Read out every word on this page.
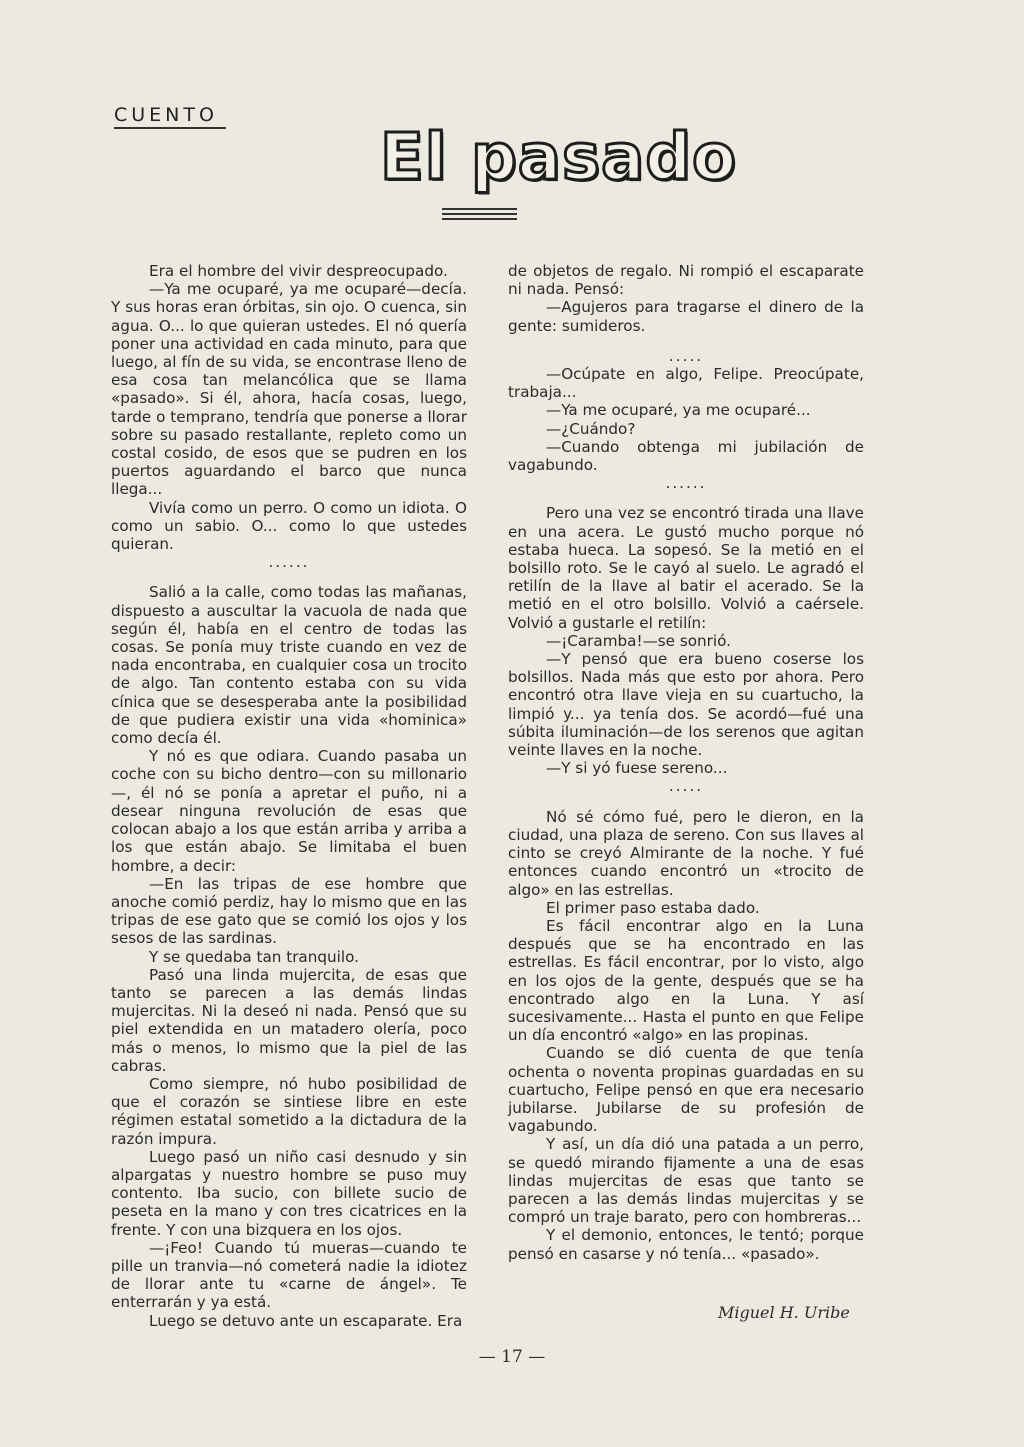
CUENTO
El pasado

Era el hombre del vivir despreocupado.

—Ya me ocuparé, ya me ocuparé—decía. Y sus horas eran órbitas, sin ojo. O cuenca, sin agua. O... lo que quieran ustedes. El nó quería poner una actividad en cada minuto, para que luego, al fín de su vida, se encontrase lleno de esa cosa tan melancólica que se llama «pasado». Si él, ahora, hacía cosas, luego, tarde o temprano, tendría que ponerse a llorar sobre su pasado restallante, repleto como un costal cosido, de esos que se pudren en los puertos aguardando el barco que nunca llega...

Vivía como un perro. O como un idiota. O como un sabio. O... como lo que ustedes quieran.

......

Salió a la calle, como todas las mañanas, dispuesto a auscultar la vacuola de nada que según él, había en el centro de todas las cosas. Se ponía muy triste cuando en vez de nada encontraba, en cualquier cosa un trocito de algo. Tan contento estaba con su vida cínica que se desesperaba ante la posibilidad de que pudiera existir una vida «hominica» como decía él.

Y nó es que odiara. Cuando pasaba un coche con su bicho dentro—con su millonario—, él nó se ponía a apretar el puño, ni a desear ninguna revolución de esas que colocan abajo a los que están arriba y arriba a los que están abajo. Se limitaba el buen hombre, a decir:

—En las tripas de ese hombre que anoche comió perdiz, hay lo mismo que en las tripas de ese gato que se comió los ojos y los sesos de las sardinas.

Y se quedaba tan tranquilo.

Pasó una linda mujercita, de esas que tanto se parecen a las demás lindas mujercitas. Ni la deseó ni nada. Pensó que su piel extendida en un matadero olería, poco más o menos, lo mismo que la piel de las cabras.

Como siempre, nó hubo posibilidad de que el corazón se sintiese libre en este régimen estatal sometido a la dictadura de la razón impura.

Luego pasó un niño casi desnudo y sin alpargatas y nuestro hombre se puso muy contento. Iba sucio, con billete sucio de peseta en la mano y con tres cicatrices en la frente. Y con una bizquera en los ojos.

—¡Feo! Cuando tú mueras—cuando te pille un tranvia—nó cometerá nadie la idiotez de llorar ante tu «carne de ángel». Te enterrarán y ya está.

Luego se detuvo ante un escaparate. Era

de objetos de regalo. Ni rompió el escaparate ni nada. Pensó:

—Agujeros para tragarse el dinero de la gente: sumideros.

.....

—Ocúpate en algo, Felipe. Preocúpate, trabaja...

—Ya me ocuparé, ya me ocuparé...

—¿Cuándo?

—Cuando obtenga mi jubilación de vagabundo.

......

Pero una vez se encontró tirada una llave en una acera. Le gustó mucho porque nó estaba hueca. La sopesó. Se la metió en el bolsillo roto. Se le cayó al suelo. Le agradó el retilín de la llave al batir el acerado. Se la metió en el otro bolsillo. Volvió a caérsele. Volvió a gustarle el retilín:

—¡Caramba!—se sonrió.

—Y pensó que era bueno coserse los bolsillos. Nada más que esto por ahora. Pero encontró otra llave vieja en su cuartucho, la limpió y... ya tenía dos. Se acordó—fué una súbita iluminación—de los serenos que agitan veinte llaves en la noche.

—Y si yó fuese sereno...

.....

Nó sé cómo fué, pero le dieron, en la ciudad, una plaza de sereno. Con sus llaves al cinto se creyó Almirante de la noche. Y fué entonces cuando encontró un «trocito de algo» en las estrellas.

El primer paso estaba dado.

Es fácil encontrar algo en la Luna después que se ha encontrado en las estrellas. Es fácil encontrar, por lo visto, algo en los ojos de la gente, después que se ha encontrado algo en la Luna. Y así sucesivamente... Hasta el punto en que Felipe un día encontró «algo» en las propinas.

Cuando se dió cuenta de que tenía ochenta o noventa propinas guardadas en su cuartucho, Felipe pensó en que era necesario jubilarse. Jubilarse de su profesión de vagabundo.

Y así, un día dió una patada a un perro, se quedó mirando fijamente a una de esas lindas mujercitas de esas que tanto se parecen a las demás lindas mujercitas y se compró un traje barato, pero con hombreras...

Y el demonio, entonces, le tentó; porque pensó en casarse y nó tenía... «pasado».

Miguel H. Uribe
— 17 —
